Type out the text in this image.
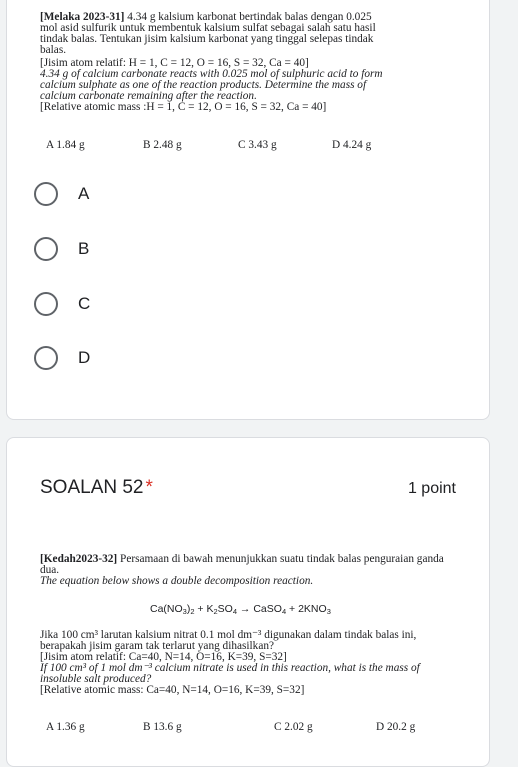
[Melaka 2023-31] 4.34 g kalsium karbonat bertindak balas dengan 0.025

mol asid sulfurik untuk membentuk kalsium sulfat sebagai salah satu hasil

tindak balas. Tentukan jisim kalsium karbonat yang tinggal selepas tindak

balas.

[Jisim atom relatif: H = 1, C = 12, O = 16, S = 32, Ca = 40]

4.34 g of calcium carbonate reacts with 0.025 mol of sulphuric acid to form

calcium sulphate as one of the reaction products. Determine the mass of

calcium carbonate remaining after the reaction.

[Relative atomic mass :H = 1, C = 12, O = 16, S = 32, Ca = 40]

A 1.84 g	B 2.48 g	C 3.43 g	D 4.24 g
A
B
C
D
SOALAN 52 *	1 point

[Kedah2023-32] Persamaan di bawah menunjukkan suatu tindak balas penguraian ganda dua.

The equation below shows a double decomposition reaction.

$Ca(NO_3)_2 + K_2SO_4$ → CaSO$_4$ + $2KNO_3$

Jika 100 cm³ larutan kalsium nitrat 0.1 mol dm⁻³ digunakan dalam tindak balas ini, berapakah jisim garam tak terlarut yang dihasilkan?

[Jisim atom relatif: Ca=40, N=14, O=16, K=39, S=32]

If 100 cm³ of 1 mol dm⁻³ calcium nitrate is used in this reaction, what is the mass of insoluble salt produced?

[Relative atomic mass: Ca=40, N=14, O=16, K=39, S=32]

A 1.36 g	B 13.6 g	C 2.02 g	D 20.2 g
